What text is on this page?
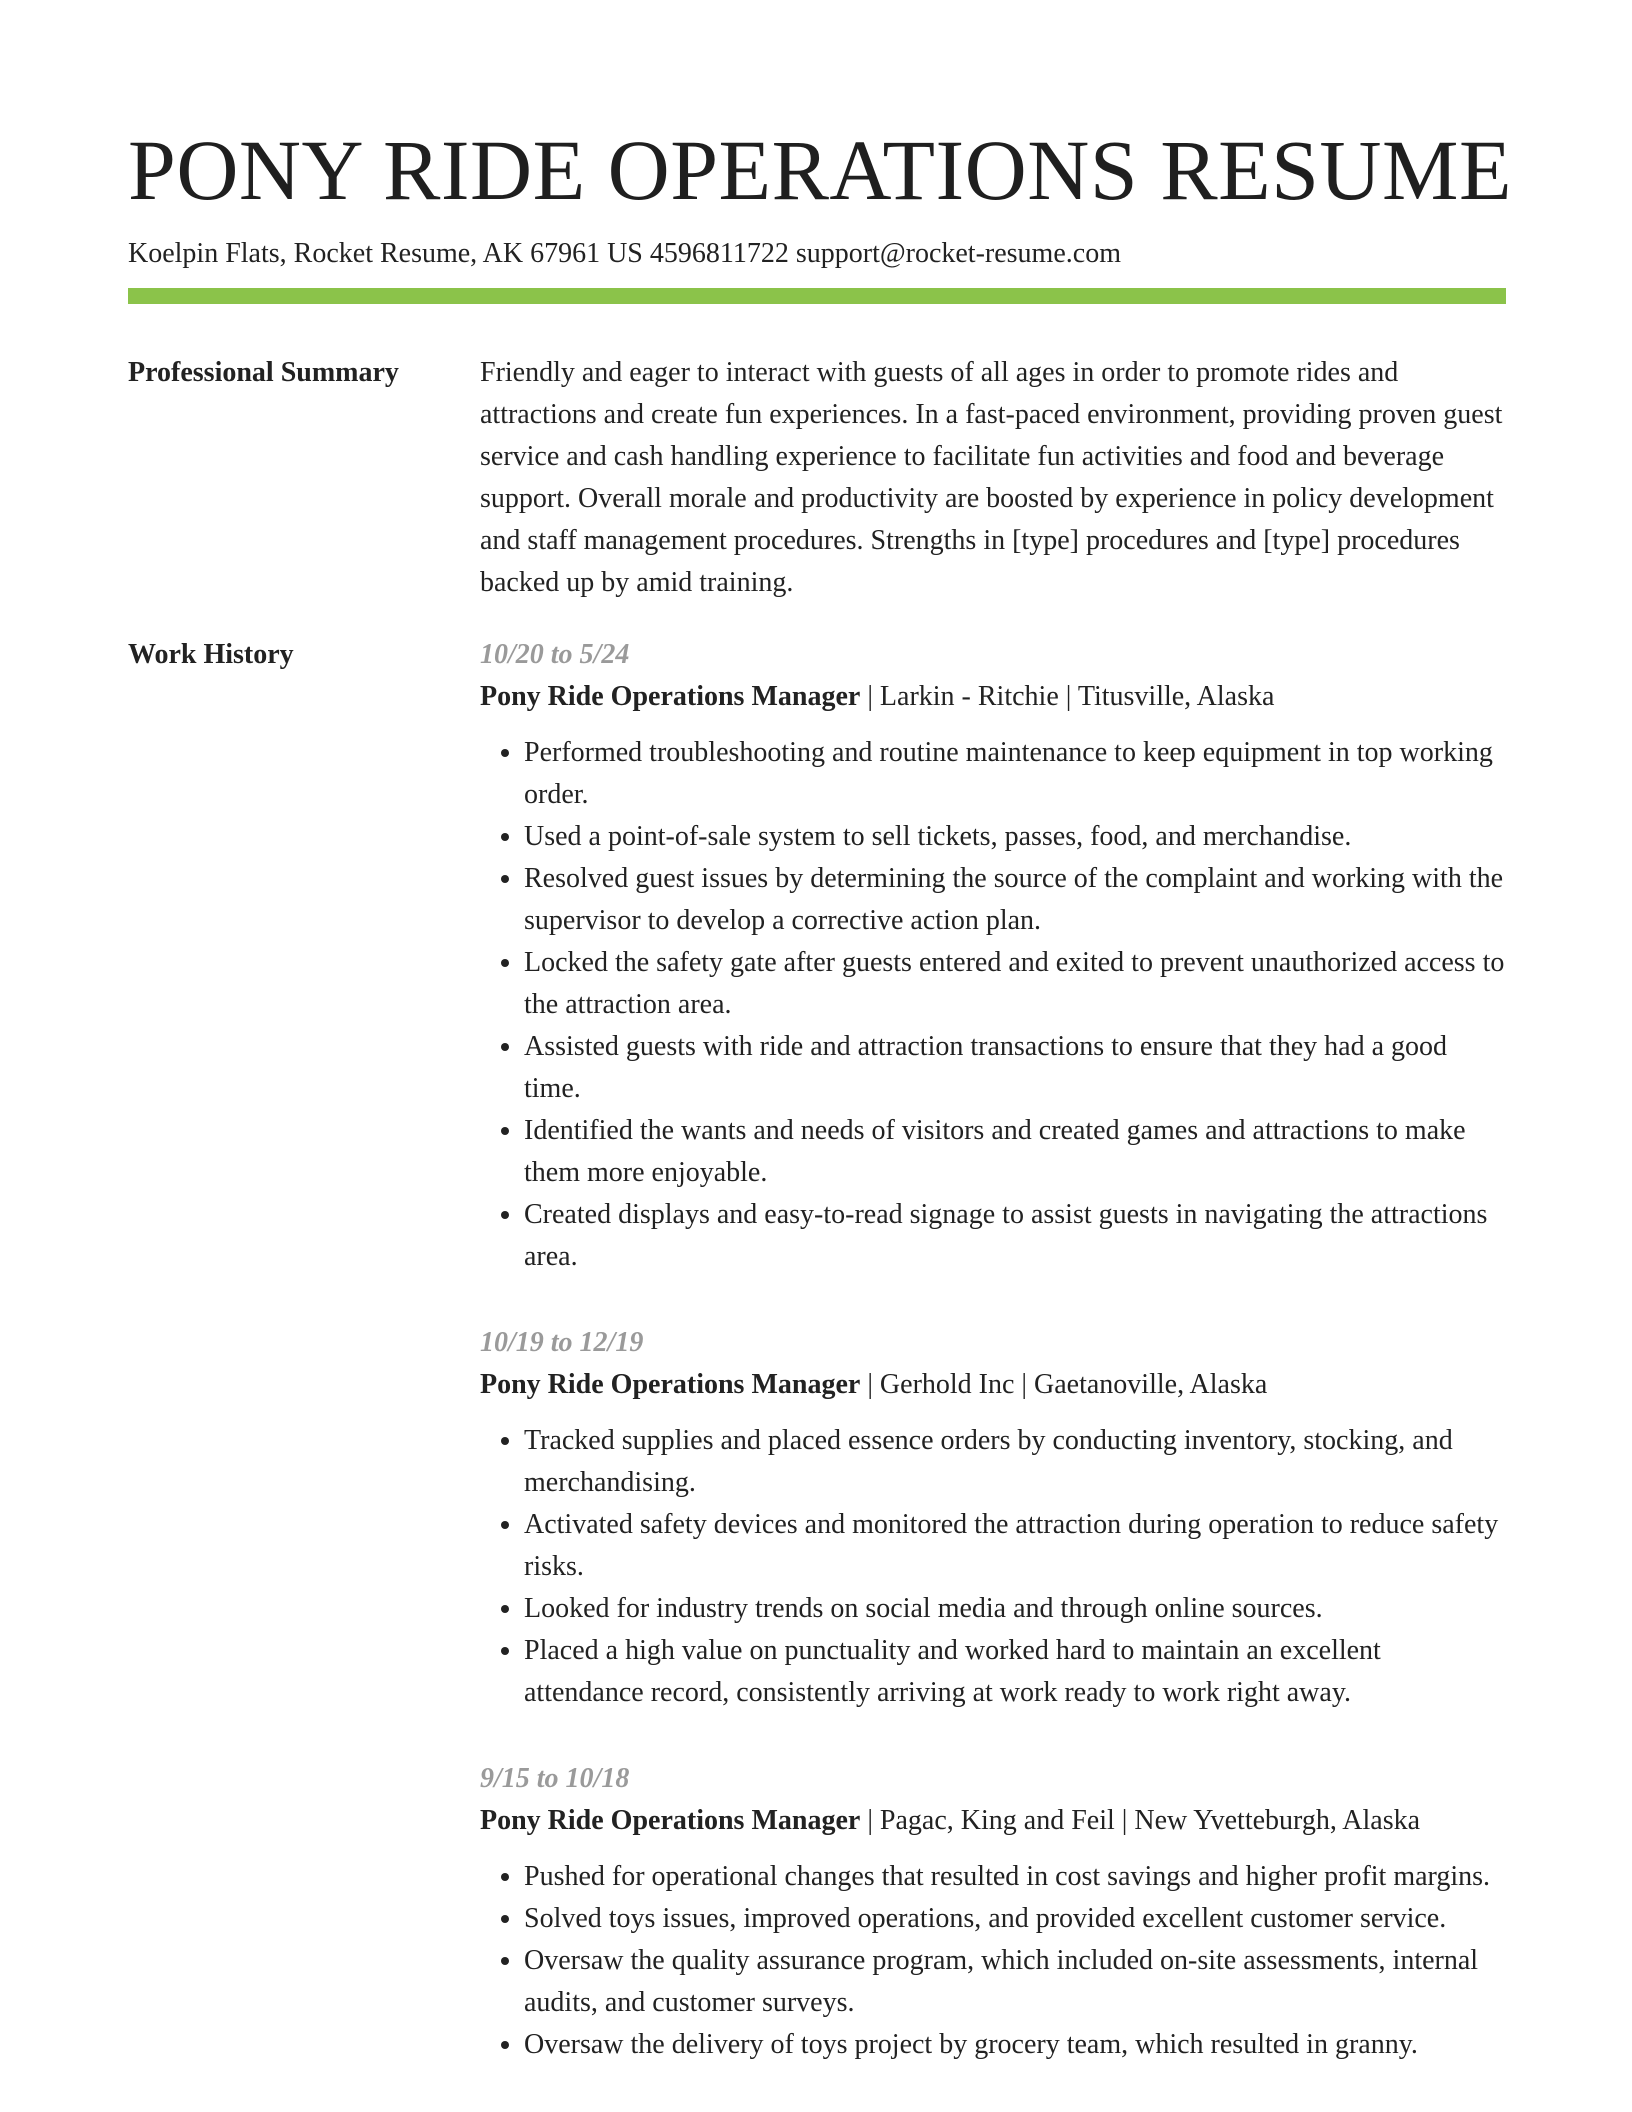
PONY RIDE OPERATIONS RESUME
Koelpin Flats, Rocket Resume, AK 67961 US 4596811722 support@rocket-resume.com
Professional Summary	Friendly and eager to interact with guests of all ages in order to promote rides and attractions and create fun experiences. In a fast-paced environment, providing proven guest service and cash handling experience to facilitate fun activities and food and beverage support. Overall morale and productivity are boosted by experience in policy development and staff management procedures. Strengths in [type] procedures and [type] procedures backed up by amid training.
Work History	10/20 to 5/24
Pony Ride Operations Manager | Larkin - Ritchie | Titusville, Alaska
• Performed troubleshooting and routine maintenance to keep equipment in top working order.
• Used a point-of-sale system to sell tickets, passes, food, and merchandise.
• Resolved guest issues by determining the source of the complaint and working with the supervisor to develop a corrective action plan.
• Locked the safety gate after guests entered and exited to prevent unauthorized access to the attraction area.
• Assisted guests with ride and attraction transactions to ensure that they had a good time.
• Identified the wants and needs of visitors and created games and attractions to make them more enjoyable.
• Created displays and easy-to-read signage to assist guests in navigating the attractions area.
10/19 to 12/19
Pony Ride Operations Manager | Gerhold Inc | Gaetanoville, Alaska
• Tracked supplies and placed essence orders by conducting inventory, stocking, and merchandising.
• Activated safety devices and monitored the attraction during operation to reduce safety risks.
• Looked for industry trends on social media and through online sources.
• Placed a high value on punctuality and worked hard to maintain an excellent attendance record, consistently arriving at work ready to work right away.
9/15 to 10/18
Pony Ride Operations Manager | Pagac, King and Feil | New Yvetteburgh, Alaska
• Pushed for operational changes that resulted in cost savings and higher profit margins.
• Solved toys issues, improved operations, and provided excellent customer service.
• Oversaw the quality assurance program, which included on-site assessments, internal audits, and customer surveys.
• Oversaw the delivery of toys project by grocery team, which resulted in granny.
